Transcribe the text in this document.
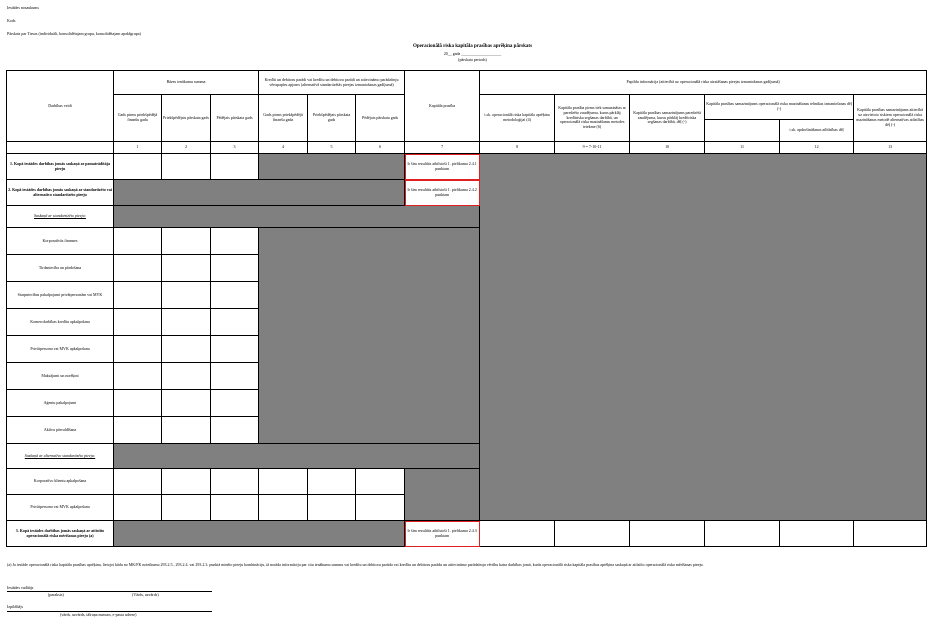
Iestādes nosaukums
Kods
Pārskats par Tiesas (individuāli, konsolidētajam grupu, konsolidētajam apakšgrupa)
Operacionālā riska kapitāla prasības aprēķina pārskats
20__ gada ____________________
(pārskata periods)
Darbības veidi	Bāzes ienākumu summa			Kredīti un debitoru parādi vai kredītu un debitoru parādi un attiecināmo parādzīmju vērtspapīru apjoms (alternatīvā standartizētās pieejas izmantošanas gadījumā)			Kapitāla prasība	Papildu informācija (attiecībā uz operacionālā riska aizstāšanas pieejas izmantošanas gadījumā)					
	Gads pirms priekšpēdējā finanšu gada	Priekšpēdējais pārskata gads	Pēdējais pārskata gads	Gads pirms priekšpēdējā finanšu gada	Priekšpēdējais pārskata gads	Pēdējais pārskata gads		t.sk. operacionālā riska kapitāla aprēķina metodoloģijai (4)	Kapitāla prasība pirms tiek samazinātas ar paredzēto zaudējumu, kurus pārklāj kredītriska segšanas darbībā, un operacionālā riska mazināšanas metodes ietekme (6)	Kapitāla prasības samazinājums paredzētā zaudējuma, kurus pārklāj kredītriska segšanas darbībā, dēļ (-)	Kapitāla prasības samazinājums operacionālā riska mazināšanas tehnikas izmantošanas dēļ (-)		Kapitāla prasības samazinājums attiecībā uz aizvietoto riskiem operacionālā riska mazināšanas metodē alternatīvas attīstības dēļ (-)
												t.sk. apdrošināšanas atlīdzības dēļ	
	1	2	3	4	5	6	7	8	9 = 7-10-11	10	11	12	13
1. Kopā iestādes darbības jomās saskaņā ar pamatrādītāja pieeju							Ir šim rezultāts atbilstoši 1. pielikuma 2.4.1 punktam						
2. Kopā iestādes darbības jomās saskaņā ar standartizēto vai alternatīvo standartizēto pieeju							Ir šim rezultāts atbilstoši 1. pielikuma 2.4.2 punktam						
Saskaņā ar standartizēto pieeju:													
Korporatīvās finanses													
Tirdzniecība un pārdošana													
Starpniecības pakalpojumi privātpersonām vai MVK													
Komercdarbības kredītu apkalpošana													
Privātpersonu vai MVK apkalpošana													
Maksājumi un norēķini													
Aģentu pakalpojumi													
Aktīvu pārvaldīšana													
Saskaņā ar alternatīvo standartizēto pieeju:													
Korporatīvo klientu apkalpošana													
Privātpersonu vai MVK apkalpošana													
3. Kopā iestādes darbības jomās saskaņā ar attīstīto operacionālā riska mērīšanas pieeju (a)							Ir šim rezultāts atbilstoši 1. pielikuma 2.4.3 punktam						
(a) Ja iestāde operacionālā riska kapitāla prasības aprēķina, lietojot kādu no MK/FK noteikumu 293.2.5., 293.2.4. vai 293.2.3. punktā minēto pieeju kombināciju, tā norāda informāciju par citu ienākumu summu vai kredītu un debitoru parādu vai kredītu un debitoru parādu un attiecināmo parādzīmju vērtību katra darbības jomā, kurās operacionālā riska kapitāla prasības aprēķina saskaņā ar attīstīto operacionālā riska mērīšanas pieeju.
Iestādes vadītājs
(paraksts)	(Vārds, uzvārds)
Izpildītājs
(vārds, uzvārds, tālruņa numurs, e-pasta adrese)
